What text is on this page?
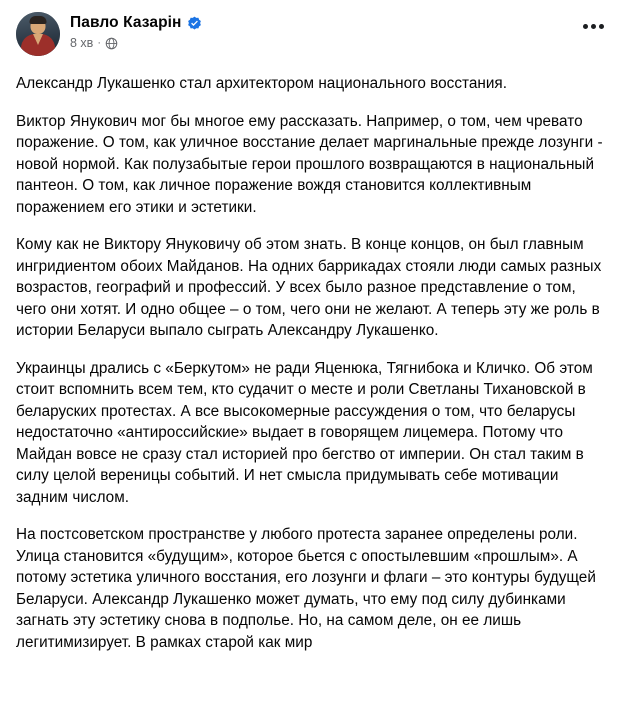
Павло Казарін
8 хв ·

Александр Лукашенко стал архитектором национального восстания.

Виктор Янукович мог бы многое ему рассказать. Например, о том, чем чревато поражение. О том, как уличное восстание делает маргинальные прежде лозунги - новой нормой. Как полузабытые герои прошлого возвращаются в национальный пантеон. О том, как личное поражение вождя становится коллективным поражением его этики и эстетики.

Кому как не Виктору Януковичу об этом знать. В конце концов, он был главным ингридиентом обоих Майданов. На одних баррикадах стояли люди самых разных возрастов, географий и профессий. У всех было разное представление о том, чего они хотят. И одно общее – о том, чего они не желают. А теперь эту же роль в истории Беларуси выпало сыграть Александру Лукашенко.

Украинцы дрались с «Беркутом» не ради Яценюка, Тягнибока и Кличко. Об этом стоит вспомнить всем тем, кто судачит о месте и роли Светланы Тихановской в беларуских протестах. А все высокомерные рассуждения о том, что беларусы недостаточно «антироссийские» выдает в говорящем лицемера. Потому что Майдан вовсе не сразу стал историей про бегство от империи. Он стал таким в силу целой вереницы событий. И нет смысла придумывать себе мотивации задним числом.

На постсоветском пространстве у любого протеста заранее определены роли. Улица становится «будущим», которое бьется с опостылевшим «прошлым». А потому эстетика уличного восстания, его лозунги и флаги – это контуры будущей Беларуси. Александр Лукашенко может думать, что ему под силу дубинками загнать эту эстетику снова в подполье. Но, на самом деле, он ее лишь легитимизирует. В рамках старой как мир
